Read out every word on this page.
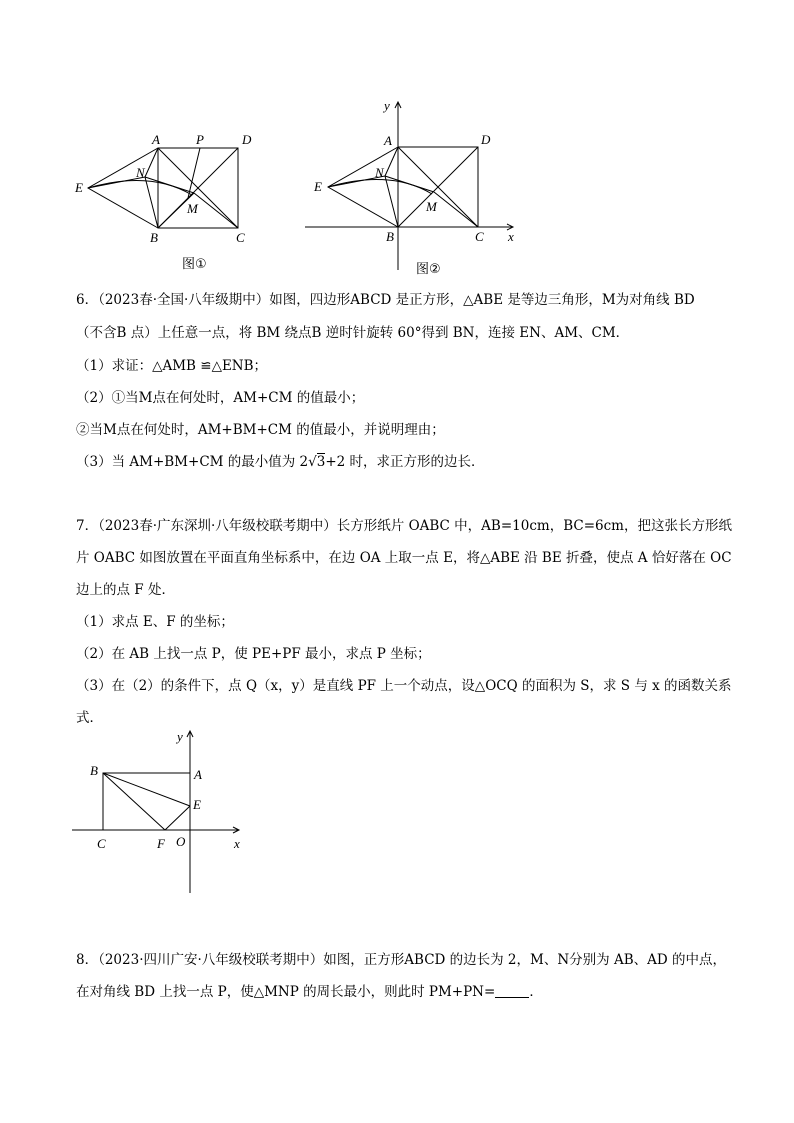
A	P	D
E
N
M
B	C
图①
y
A	D
E
N
M
B	C x
图②
6．（2023春·全国·八年级期中）如图，四边形ABCD 是正方形，△ABE 是等边三角形，M为对角线 BD
（不含B 点）上任意一点，将 BM 绕点B 逆时针旋转 60°得到 BN，连接 EN、AM、CM．
（1）求证：△AMB ≌△ENB；
（2）①当M点在何处时，AM+CM 的值最小；
②当M点在何处时，AM+BM+CM 的值最小，并说明理由；
（3）当 AM+BM+CM 的最小值为 2√3+2 时，求正方形的边长．
7．（2023春·广东深圳·八年级校联考期中）长方形纸片 OABC 中，AB=10cm，BC=6cm，把这张长方形纸
片 OABC 如图放置在平面直角坐标系中，在边 OA 上取一点 E，将△ABE 沿 BE 折叠，使点 A 恰好落在 OC
边上的点 F 处．
（1）求点 E、F 的坐标；
（2）在 AB 上找一点 P，使 PE+PF 最小，求点 P 坐标；
（3）在（2）的条件下，点 Q（x，y）是直线 PF 上一个动点，设△OCQ 的面积为 S，求 S 与 x 的函数关系
式．
y
B	A
E
C	F O	x
8．（2023·四川广安·八年级校联考期中）如图，正方形ABCD 的边长为 2，M、N分别为 AB、AD 的中点，
在对角线 BD 上找一点 P，使△MNP 的周长最小，则此时 PM+PN=	．
